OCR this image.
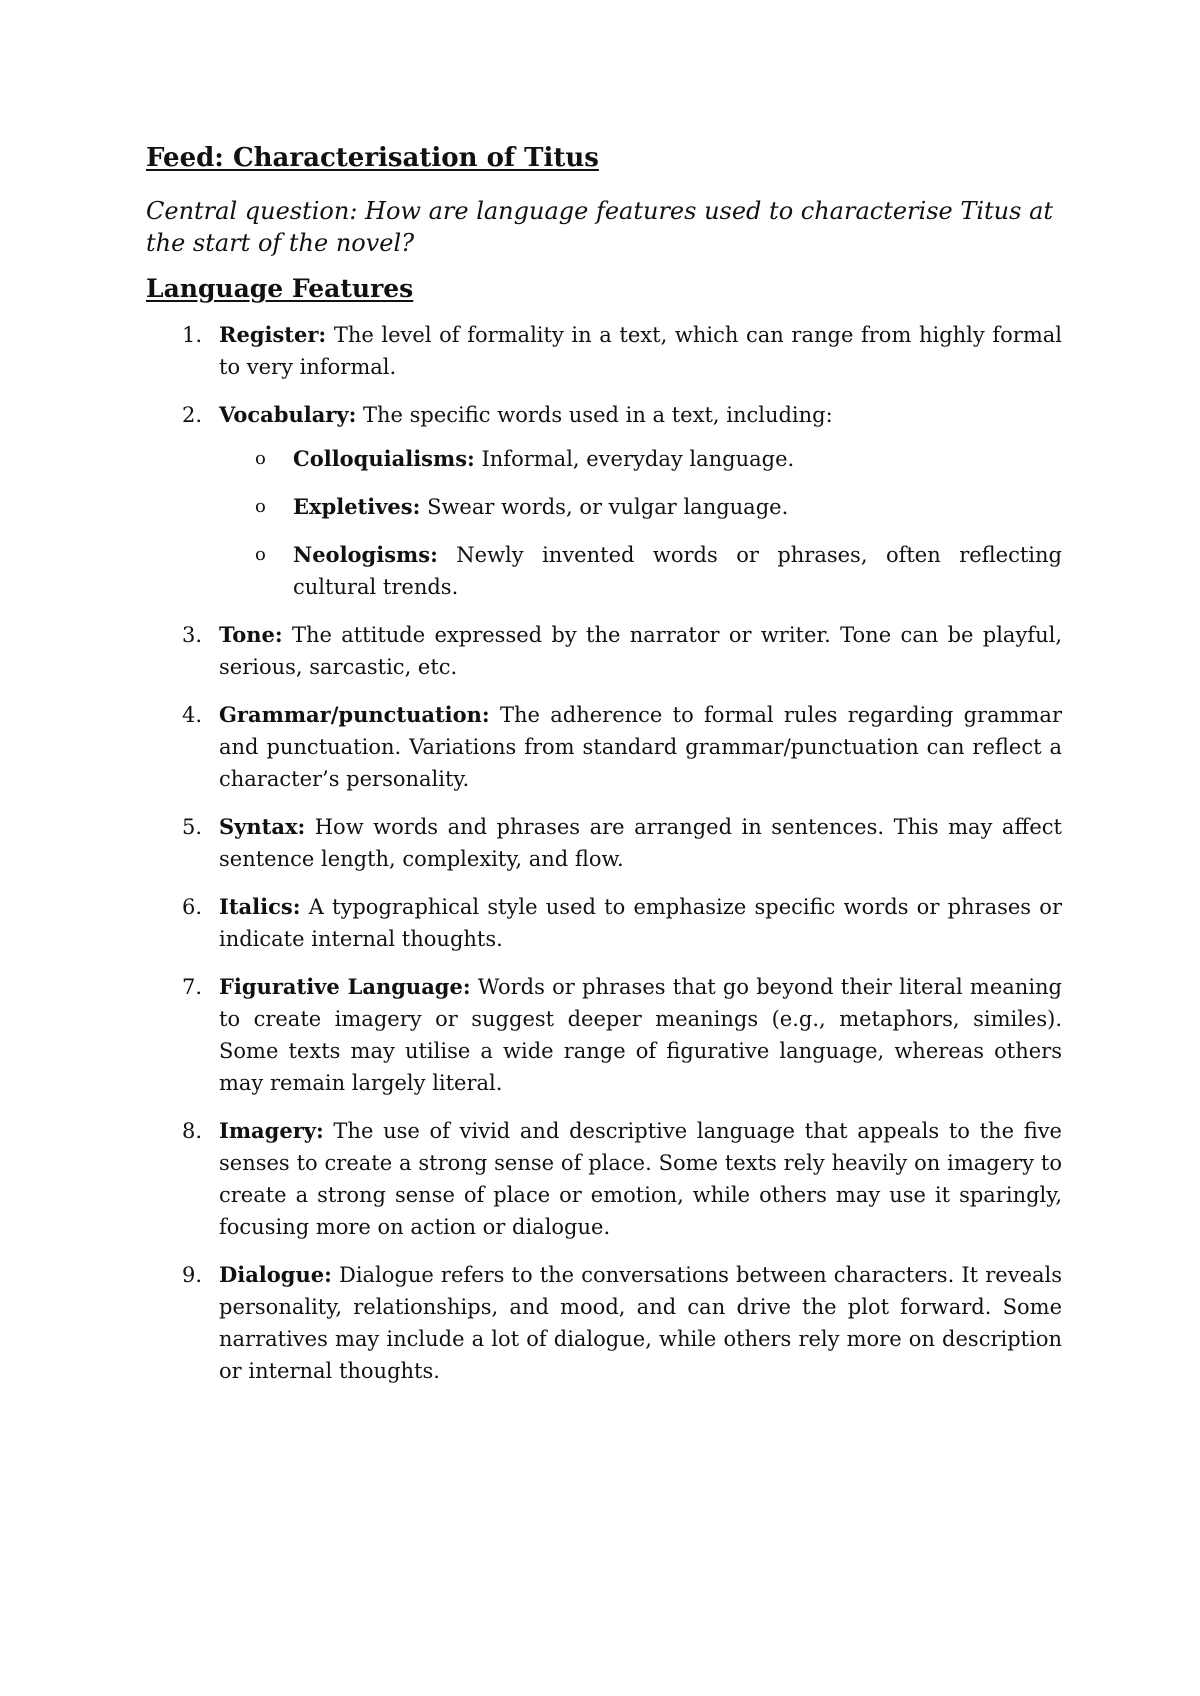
Feed: Characterisation of Titus
Central question: How are language features used to characterise Titus at the start of the novel?
Language Features
1. Register: The level of formality in a text, which can range from highly formal to very informal.
2. Vocabulary: The specific words used in a text, including:
o Colloquialisms: Informal, everyday language.
o Expletives: Swear words, or vulgar language.
o Neologisms: Newly invented words or phrases, often reflecting cultural trends.
3. Tone: The attitude expressed by the narrator or writer. Tone can be playful, serious, sarcastic, etc.
4. Grammar/punctuation: The adherence to formal rules regarding grammar and punctuation. Variations from standard grammar/punctuation can reflect a character’s personality.
5. Syntax: How words and phrases are arranged in sentences. This may affect sentence length, complexity, and flow.
6. Italics: A typographical style used to emphasize specific words or phrases or indicate internal thoughts.
7. Figurative Language: Words or phrases that go beyond their literal meaning to create imagery or suggest deeper meanings (e.g., metaphors, similes). Some texts may utilise a wide range of figurative language, whereas others may remain largely literal.
8. Imagery: The use of vivid and descriptive language that appeals to the five senses to create a strong sense of place. Some texts rely heavily on imagery to create a strong sense of place or emotion, while others may use it sparingly, focusing more on action or dialogue.
9. Dialogue: Dialogue refers to the conversations between characters. It reveals personality, relationships, and mood, and can drive the plot forward. Some narratives may include a lot of dialogue, while others rely more on description or internal thoughts.
